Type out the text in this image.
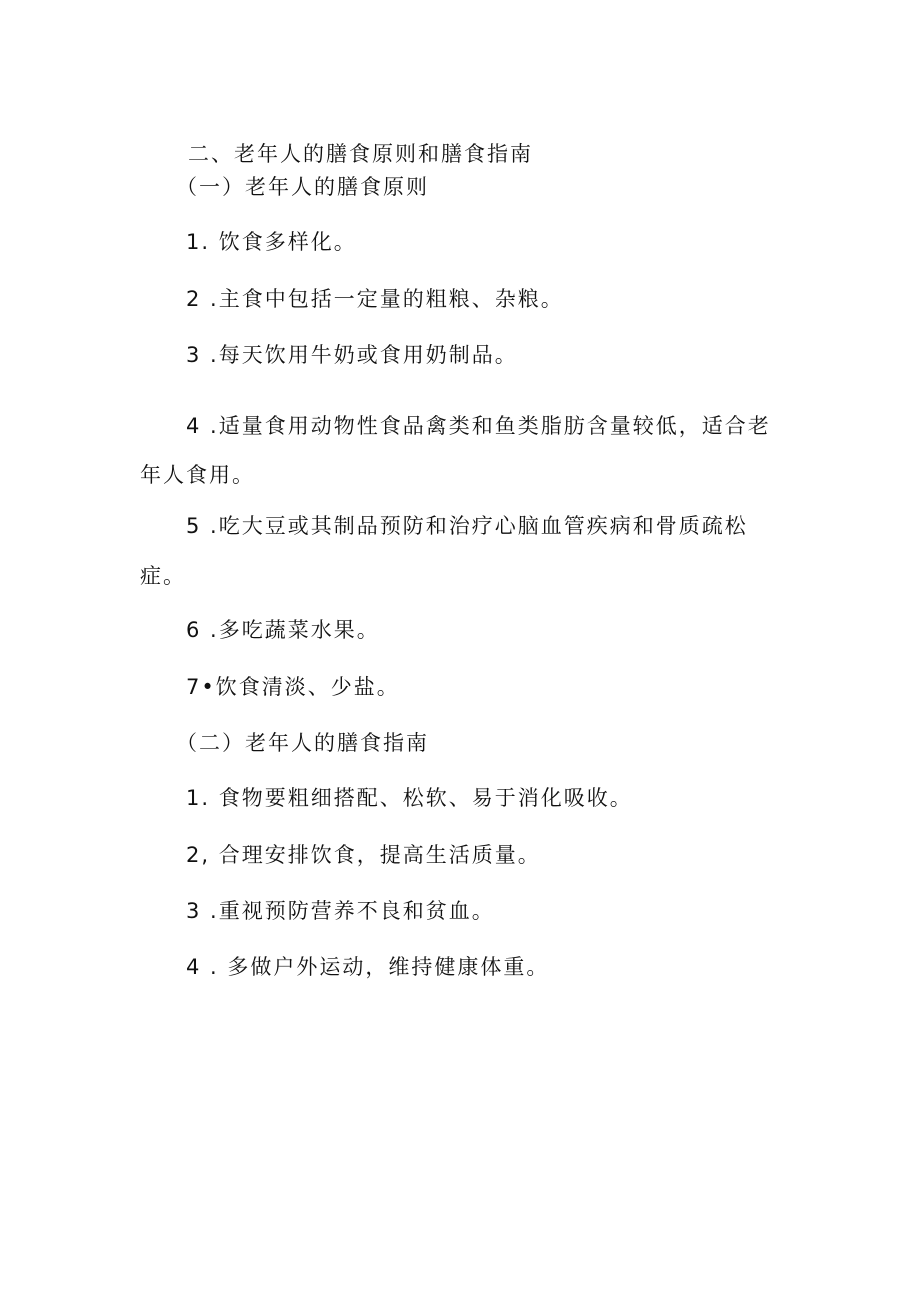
二、老年人的膳食原则和膳食指南

（一）老年人的膳食原则

1. 饮食多样化。

2 .主食中包括一定量的粗粮、杂粮。

3 .每天饮用牛奶或食用奶制品。

4 .适量食用动物性食品禽类和鱼类脂肪含量较低，适合老

年人食用。

5 .吃大豆或其制品预防和治疗心脑血管疾病和骨质疏松

症。

6 .多吃蔬菜水果。

7•饮食清淡、少盐。

（二）老年人的膳食指南

1. 食物要粗细搭配、松软、易于消化吸收。

2, 合理安排饮食，提高生活质量。

3 .重视预防营养不良和贫血。

4 . 多做户外运动，维持健康体重。
